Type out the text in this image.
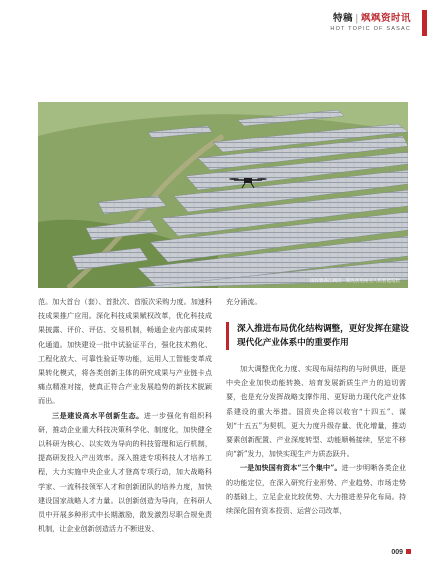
特稿 | 飒飒资时讯
HOT TOPIC OF SASAC
国投雅砻江两河一期光伏电站无人机智能巡检

范。加大首台（套）、首批次、首版次采购力度。加速科技成果推广应用。深化科技成果赋权改革，优化科技成果披露、评价、评估、交易机制，畅通企业内部成果转化通道。加快建设一批中试验证平台，强化技术熟化、工程化放大、可靠性验证等功能，运用人工智能变革成果转化模式，将各类创新主体的研究成果与产业链卡点痛点精准对接，使真正符合产业发展趋势的新技术脱颖而出。

三是建设高水平创新生态。进一步强化有组织科研，推动企业重大科技决策科学化、制度化，加快健全以科研为核心、以实效为导向的科技管理和运行机制，提高研发投入产出效率。深入推进专项科技人才培养工程，大力实施中央企业人才登高专项行动，加大战略科学家、一流科技领军人才和创新团队的培养力度，加快建设国家战略人才力量。以创新创造为导向，在科研人员中开展多种形式中长期激励，散发激烈尽职合规免责机制，让企业创新创造活力不断迸发、

充分涌流。

深入推进布局优化结构调整，更好发挥在建设现代化产业体系中的重要作用

加大调整优化力度、实现布局结构的与时俱进，既是中央企业加快动能转换、培育发展新质生产力的迫切需要，也是充分发挥战略支撑作用、更好助力现代化产业体系建设的重大举措。国资央企将以收官“十四五”、谋划“十五五”为契机，更大力度升级存量、优化增量，推动要素创新配置、产业深度转型、动能顺畅接续，坚定不移向“新”发力，加快实现生产力质态跃升。

一是加快国有资本“三个集中”。进一步明晰各类企业的功能定位，在深入研究行业形势、产业趋势、市场走势的基础上，立足企业比较优势、大力推进差异化布局。持续深化国有资本投资、运营公司改革，

009
